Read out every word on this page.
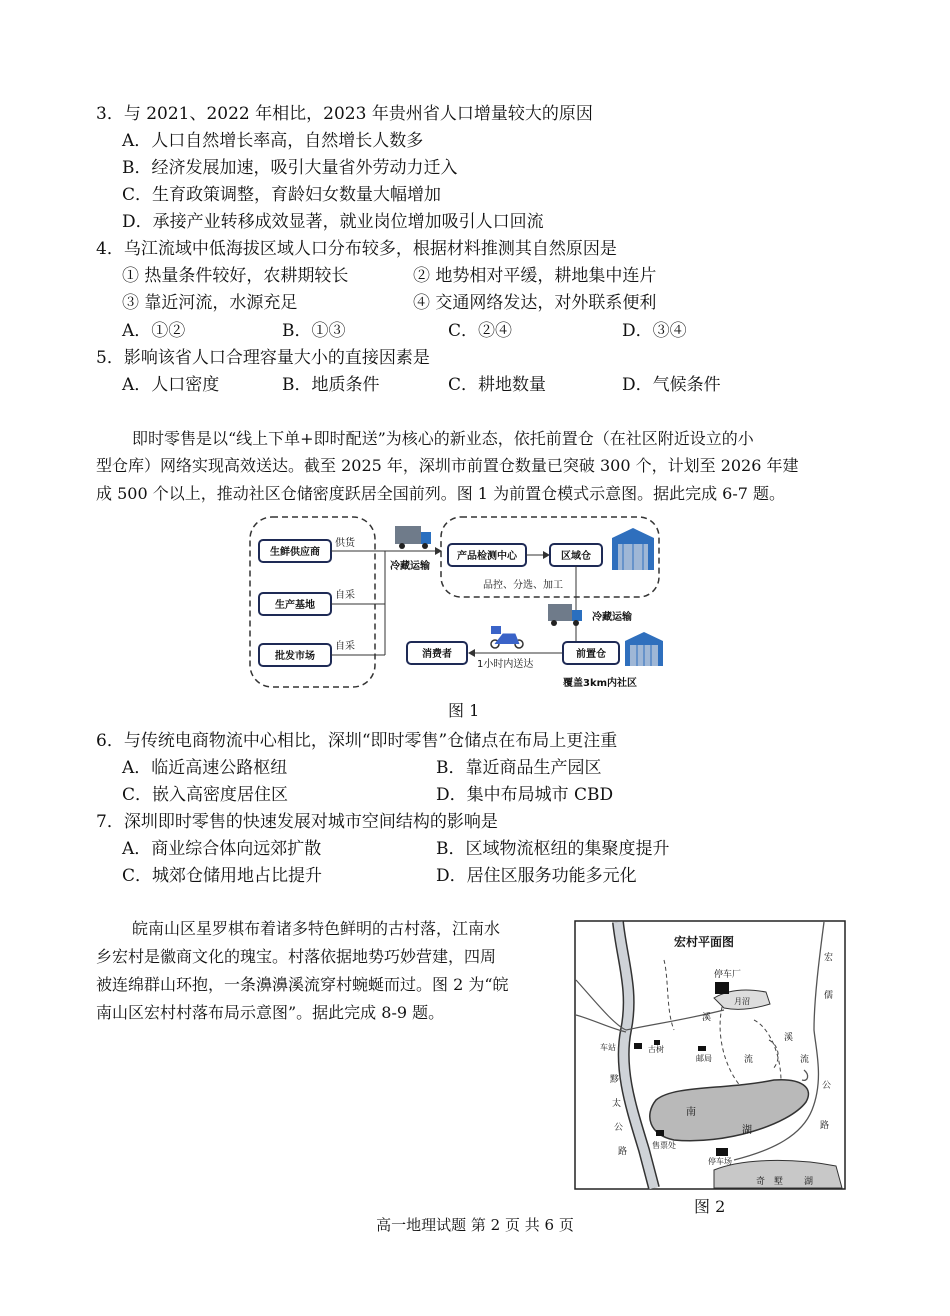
3．与 2021、2022 年相比，2023 年贵州省人口增量较大的原因
A．人口自然增长率高，自然增长人数多
B．经济发展加速，吸引大量省外劳动力迁入
C．生育政策调整，育龄妇女数量大幅增加
D．承接产业转移成效显著，就业岗位增加吸引人口回流
4．乌江流域中低海拔区域人口分布较多，根据材料推测其自然原因是
① 热量条件较好，农耕期较长	② 地势相对平缓，耕地集中连片
③ 靠近河流，水源充足	④ 交通网络发达，对外联系便利
A．①②	B．①③	C．②④	D．③④
5．影响该省人口合理容量大小的直接因素是
A．人口密度	B．地质条件	C．耕地数量	D．气候条件
即时零售是以“线上下单+即时配送”为核心的新业态，依托前置仓（在社区附近设立的小
型仓库）网络实现高效送达。截至 2025 年，深圳市前置仓数量已突破 300 个，计划至 2026 年建
成 500 个以上，推动社区仓储密度跃居全国前列。图 1 为前置仓模式示意图。据此完成 6-7 题。
生鲜供应商
生产基地
批发市场
供货
自采
自采
冷藏运输
产品检测中心	区域仓
品控、分选、加工
冷藏运输
消费者
1小时内送达
前置仓
覆盖3km内社区
图 1
6．与传统电商物流中心相比，深圳“即时零售”仓储点在布局上更注重
A．临近高速公路枢纽	B．靠近商品生产园区
C．嵌入高密度居住区	D．集中布局城市 CBD
7．深圳即时零售的快速发展对城市空间结构的影响是
A．商业综合体向远郊扩散	B．区域物流枢纽的集聚度提升
C．城郊仓储用地占比提升	D．居住区服务功能多元化
皖南山区星罗棋布着诸多特色鲜明的古村落，江南水
乡宏村是徽商文化的瑰宝。村落依据地势巧妙营建，四周
被连绵群山环抱，一条濞濞溪流穿村蜿蜒而过。图 2 为“皖
南山区宏村村落布局示意图”。据此完成 8-9 题。
宏村平面图
月沼
停车厂
南
湖
奇 墅 湖
溪
溪
流	流
车站	古树
邮局
黟
太
公
路
售票处
停车场
宏
儒
公
路
图 2
高一地理试题 第 2 页 共 6 页
